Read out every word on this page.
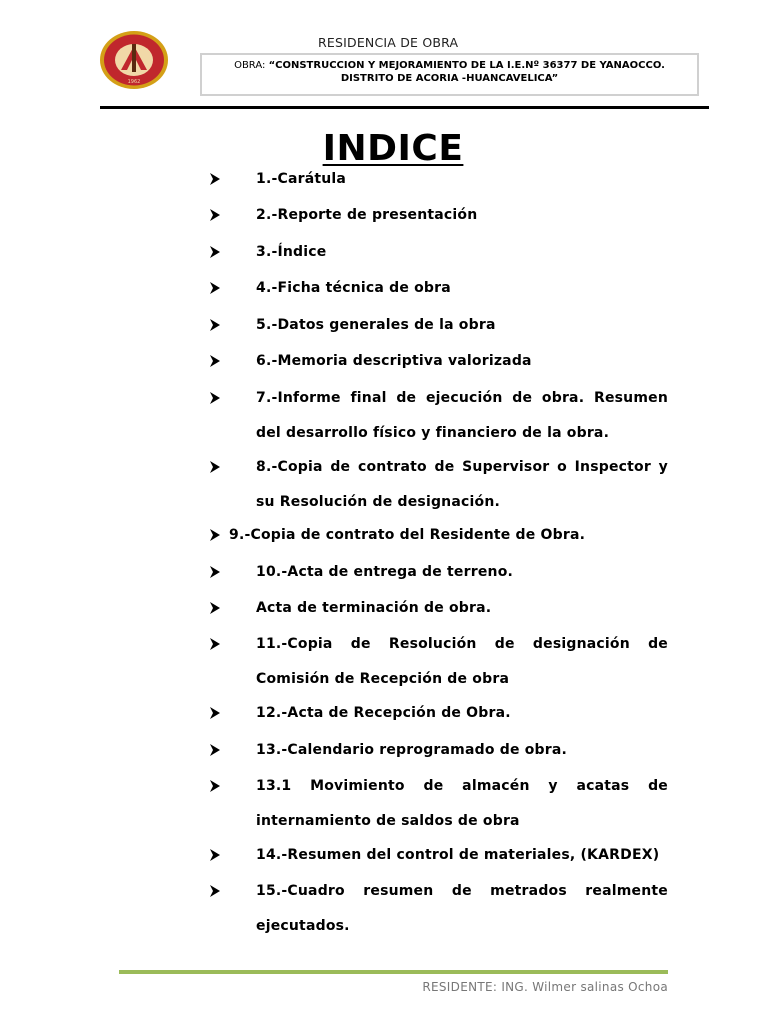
1962
RESIDENCIA DE OBRA
OBRA: “CONSTRUCCION Y MEJORAMIENTO DE LA I.E.Nº 36377 DE YANAOCCO.
DISTRITO DE ACORIA -HUANCAVELICA”
INDICE
1.-Carátula
2.-Reporte de presentación
3.-Índice
4.-Ficha técnica de obra
5.-Datos generales de la obra
6.-Memoria descriptiva valorizada
7.-Informe final de ejecución de obra. Resumen del desarrollo físico y financiero de la obra.
8.-Copia de contrato de Supervisor o Inspector y su Resolución de designación.
9.-Copia de contrato del Residente de Obra.
10.-Acta de entrega de terreno.
Acta de terminación de obra.
11.-Copia de Resolución de designación de Comisión de Recepción de obra
12.-Acta de Recepción de Obra.
13.-Calendario reprogramado de obra.
13.1 Movimiento de almacén y acatas de internamiento de saldos de obra
14.-Resumen del control de materiales, (KARDEX)
15.-Cuadro resumen de metrados realmente ejecutados.
RESIDENTE: ING. Wilmer salinas Ochoa
